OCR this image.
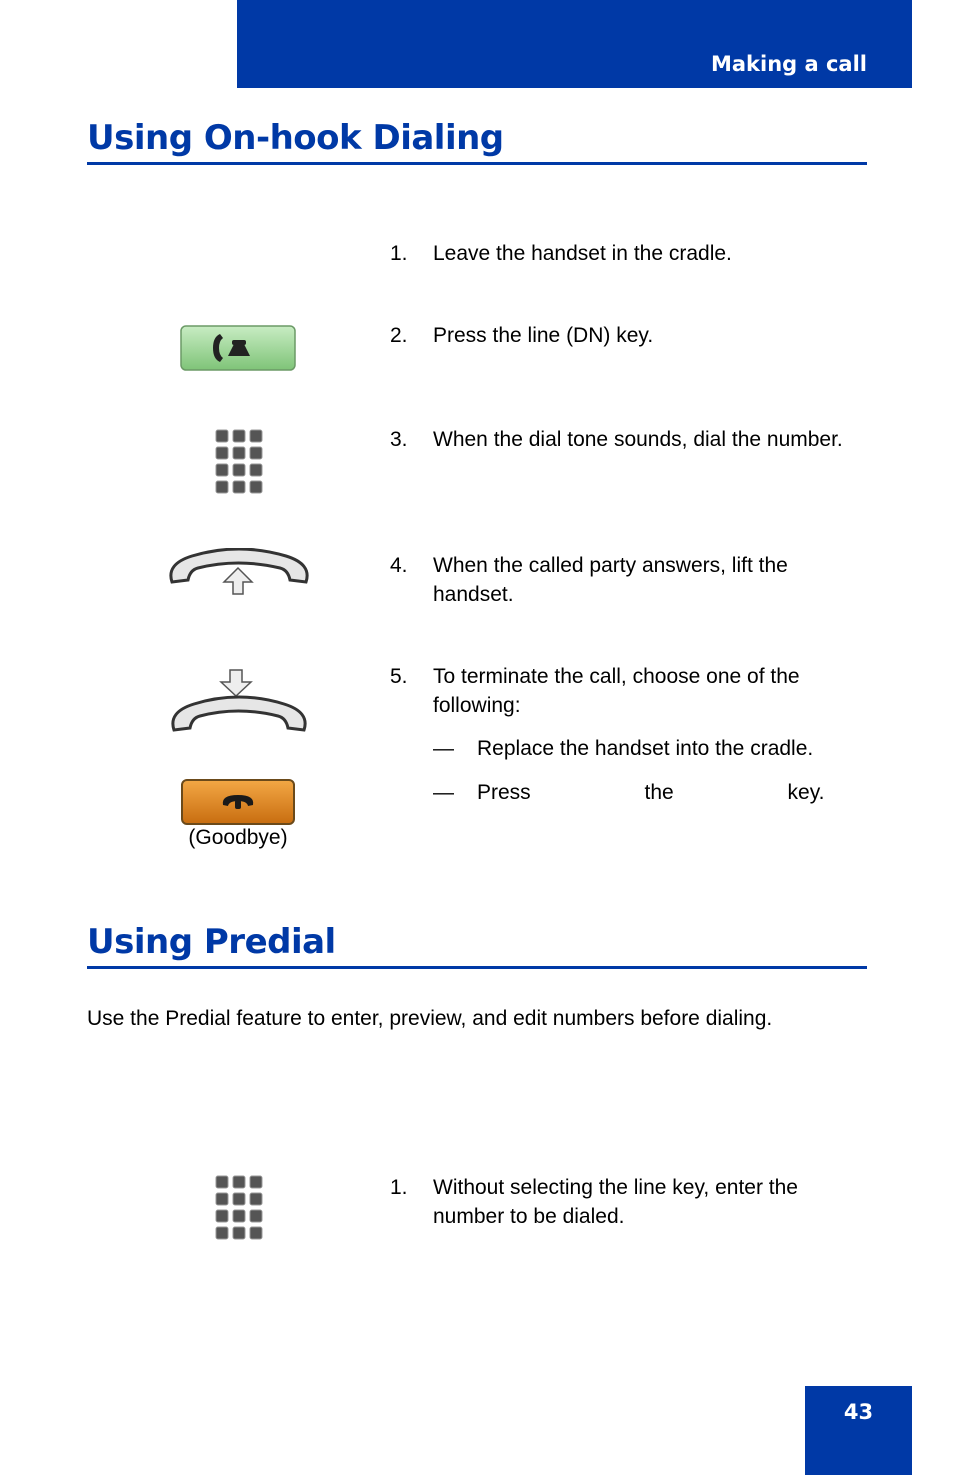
Making a call
Using On-hook Dialing
1. Leave the handset in the cradle.
2. Press the line (DN) key.
3. When the dial tone sounds, dial the number.
4. When the called party answers, lift the handset.
5. To terminate the call, choose one of the following:
— Replace the handset into the cradle.
— Press the key.
(Goodbye)
Using Predial
Use the Predial feature to enter, preview, and edit numbers before dialing.
1. Without selecting the line key, enter the number to be dialed.
43
